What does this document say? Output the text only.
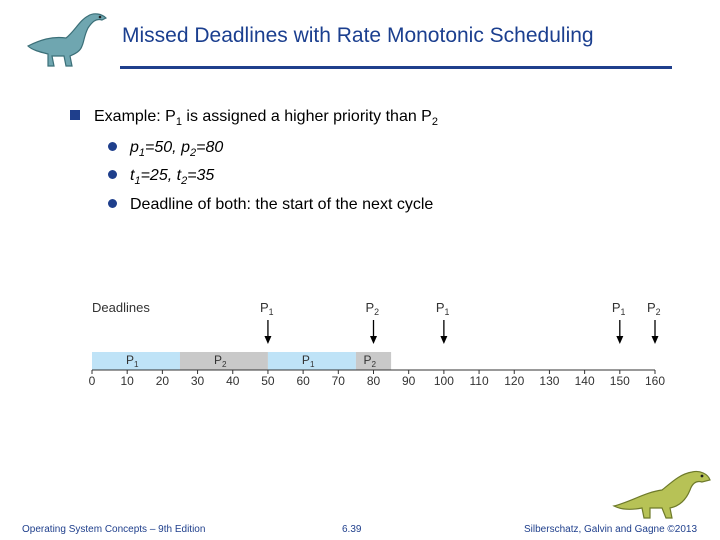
Missed Deadlines with Rate Monotonic Scheduling
Example: $P_1$ is assigned a higher priority than $P_2$
$p_1=50$, $p_2=80$
$t_1=25$, $t_2=35$
Deadline of both: the start of the next cycle
Deadlines	$P_1$	$P_2$	$P_1$	$P_1$ $P_2$
$P_1$	$P_2$	$P_1$	$P_2$
0 10 20 30 40 50 60 70 80 90 100 110 120 130 140 150 160
Operating System Concepts – 9th Edition	6.39	Silberschatz, Galvin and Gagne ©2013
